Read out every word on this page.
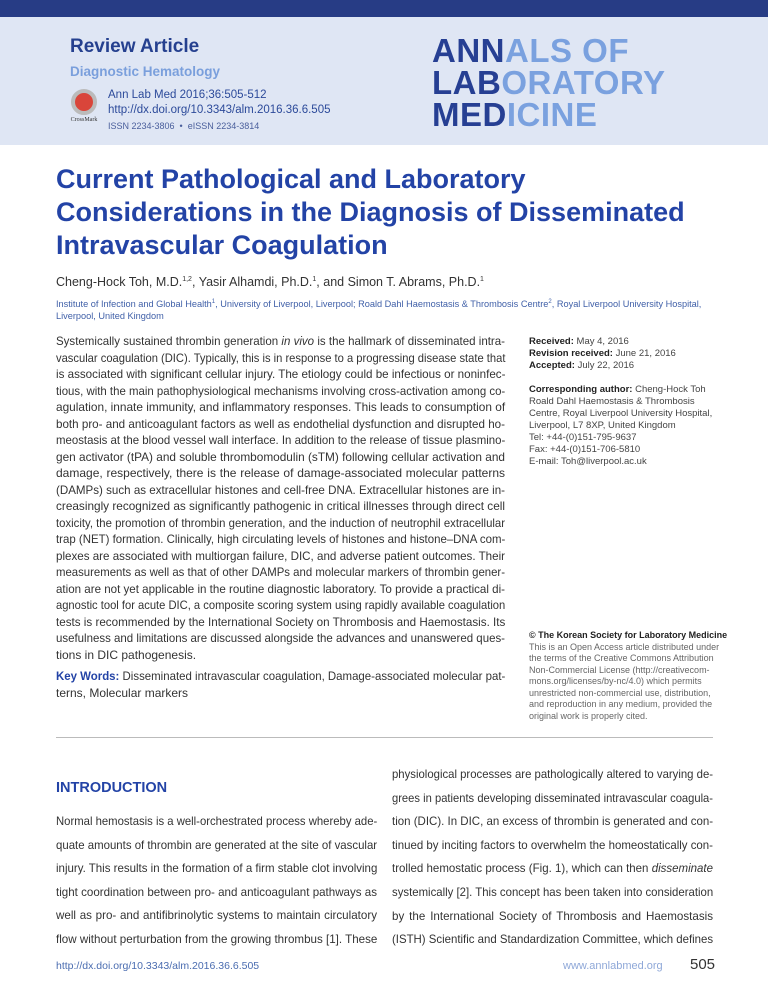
Review Article
Diagnostic Hematology
CrossMark
Ann Lab Med 2016;36:505-512
http://dx.doi.org/10.3343/alm.2016.36.6.505
ISSN 2234-3806  •  eISSN 2234-3814
ANNALS OF
LABORATORY
MEDICINE
Current Pathological and Laboratory Considerations in the Diagnosis of Disseminated Intravascular Coagulation
Cheng-Hock Toh, M.D.$^{1,2}$, Yasir Alhamdi, Ph.D.$^1$, and Simon T. Abrams, Ph.D.$^1$
Institute of Infection and Global Health$^1$, University of Liverpool, Liverpool; Roald Dahl Haemostasis & Thrombosis Centre$^2$, Royal Liverpool University Hospital, Liverpool, United Kingdom
Systemically sustained thrombin generation in vivo is the hallmark of disseminated intra-
vascular coagulation (DIC). Typically, this is in response to a progressing disease state that
is associated with significant cellular injury. The etiology could be infectious or noninfec-
tious, with the main pathophysiological mechanisms involving cross-activation among co-
agulation, innate immunity, and inflammatory responses. This leads to consumption of
both pro- and anticoagulant factors as well as endothelial dysfunction and disrupted ho-
meostasis at the blood vessel wall interface. In addition to the release of tissue plasmino-
gen activator (tPA) and soluble thrombomodulin (sTM) following cellular activation and
damage, respectively, there is the release of damage-associated molecular patterns
(DAMPs) such as extracellular histones and cell-free DNA. Extracellular histones are in-
creasingly recognized as significantly pathogenic in critical illnesses through direct cell
toxicity, the promotion of thrombin generation, and the induction of neutrophil extracellular
trap (NET) formation. Clinically, high circulating levels of histones and histone–DNA com-
plexes are associated with multiorgan failure, DIC, and adverse patient outcomes. Their
measurements as well as that of other DAMPs and molecular markers of thrombin gener-
ation are not yet applicable in the routine diagnostic laboratory. To provide a practical di-
agnostic tool for acute DIC, a composite scoring system using rapidly available coagulation
tests is recommended by the International Society on Thrombosis and Haemostasis. Its
usefulness and limitations are discussed alongside the advances and unanswered ques-
tions in DIC pathogenesis.
Key Words: Disseminated intravascular coagulation, Damage-associated molecular pat-
terns, Molecular markers
Received: May 4, 2016
Revision received: June 21, 2016
Accepted: July 22, 2016
Corresponding author: Cheng-Hock Toh
Roald Dahl Haemostasis & Thrombosis
Centre, Royal Liverpool University Hospital,
Liverpool, L7 8XP, United Kingdom
Tel: +44-(0)151-795-9637
Fax: +44-(0)151-706-5810
E-mail: Toh@liverpool.ac.uk
© The Korean Society for Laboratory Medicine
This is an Open Access article distributed under
the terms of the Creative Commons Attribution
Non-Commercial License (http://creativecom-
mons.org/licenses/by-nc/4.0) which permits
unrestricted non-commercial use, distribution,
and reproduction in any medium, provided the
original work is properly cited.
INTRODUCTION
Normal hemostasis is a well-orchestrated process whereby ade-
quate amounts of thrombin are generated at the site of vascular
injury. This results in the formation of a firm stable clot involving
tight coordination between pro- and anticoagulant pathways as
well as pro- and antifibrinolytic systems to maintain circulatory
flow without perturbation from the growing thrombus [1]. These
physiological processes are pathologically altered to varying de-
grees in patients developing disseminated intravascular coagula-
tion (DIC). In DIC, an excess of thrombin is generated and con-
tinued by inciting factors to overwhelm the homeostatically con-
trolled hemostatic process (Fig. 1), which can then disseminate
systemically [2]. This concept has been taken into consideration
by the International Society of Thrombosis and Haemostasis
(ISTH) Scientific and Standardization Committee, which defines
http://dx.doi.org/10.3343/alm.2016.36.6.505	www.annlabmed.org 505
